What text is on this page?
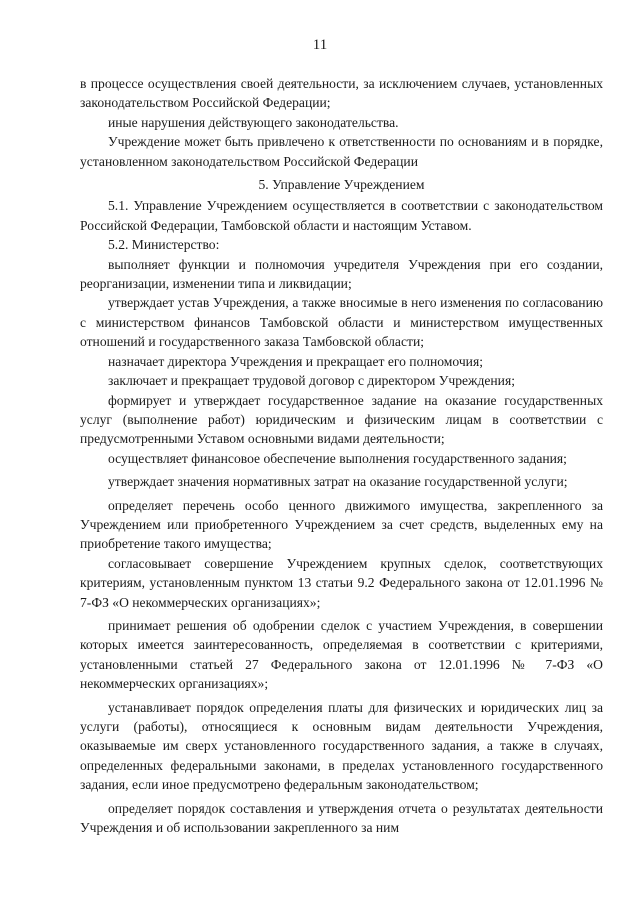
11

в процессе осуществления своей деятельности, за исключением случаев, установленных законодательством Российской Федерации;

иные нарушения действующего законодательства.

Учреждение может быть привлечено к ответственности по основаниям и в порядке, установленном законодательством Российской Федерации

5. Управление Учреждением

5.1. Управление Учреждением осуществляется в соответствии с законодательством Российской Федерации, Тамбовской области и настоящим Уставом.

5.2. Министерство:

выполняет функции и полномочия учредителя Учреждения при его создании, реорганизации, изменении типа и ликвидации;

утверждает устав Учреждения, а также вносимые в него изменения по согласованию с министерством финансов Тамбовской области и министерством имущественных отношений и государственного заказа Тамбовской области;

назначает директора Учреждения и прекращает его полномочия;

заключает и прекращает трудовой договор с директором Учреждения;

формирует и утверждает государственное задание на оказание государственных услуг (выполнение работ) юридическим и физическим лицам в соответствии с предусмотренными Уставом основными видами деятельности;

осуществляет финансовое обеспечение выполнения государственного задания;

утверждает значения нормативных затрат на оказание государственной услуги;

определяет перечень особо ценного движимого имущества, закрепленного за Учреждением или приобретенного Учреждением за счет средств, выделенных ему на приобретение такого имущества;

согласовывает совершение Учреждением крупных сделок, соответствующих критериям, установленным пунктом 13 статьи 9.2 Федерального закона от 12.01.1996 № 7-ФЗ «О некоммерческих организациях»;

принимает решения об одобрении сделок с участием Учреждения, в совершении которых имеется заинтересованность, определяемая в соответствии с критериями, установленными статьей 27 Федерального закона от 12.01.1996 № 7-ФЗ «О некоммерческих организациях»;

устанавливает порядок определения платы для физических и юридических лиц за услуги (работы), относящиеся к основным видам деятельности Учреждения, оказываемые им сверх установленного государственного задания, а также в случаях, определенных федеральными законами, в пределах установленного государственного задания, если иное предусмотрено федеральным законодательством;

определяет порядок составления и утверждения отчета о результатах деятельности Учреждения и об использовании закрепленного за ним
